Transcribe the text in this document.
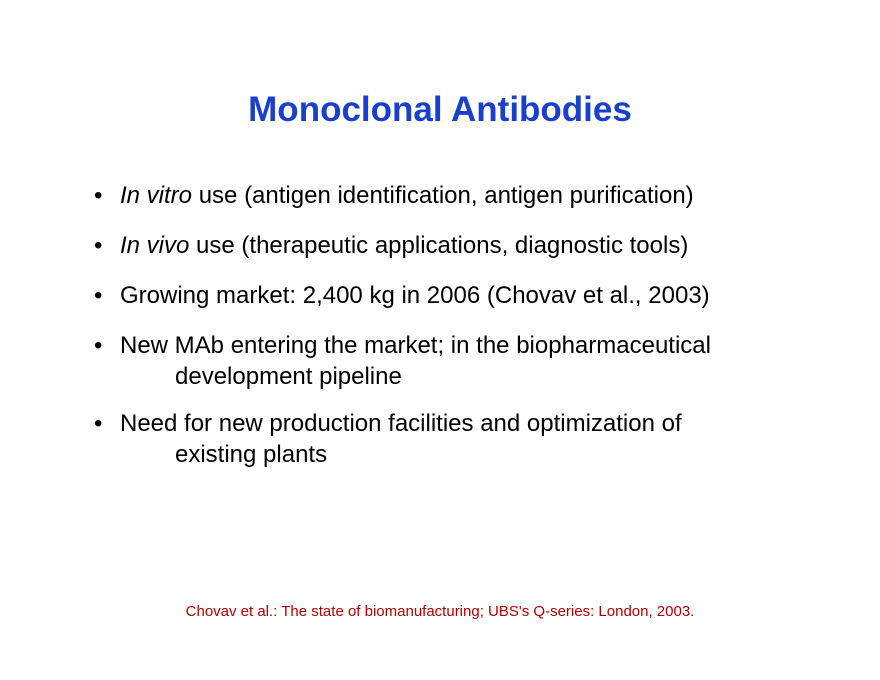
Monoclonal Antibodies
• In vitro use (antigen identification, antigen purification)
• In vivo use (therapeutic applications, diagnostic tools)
• Growing market: 2,400 kg in 2006 (Chovav et al., 2003)
• New MAb entering the market; in the biopharmaceutical
development pipeline
• Need for new production facilities and optimization of
existing plants
Chovav et al.: The state of biomanufacturing; UBS's Q-series: London, 2003.
